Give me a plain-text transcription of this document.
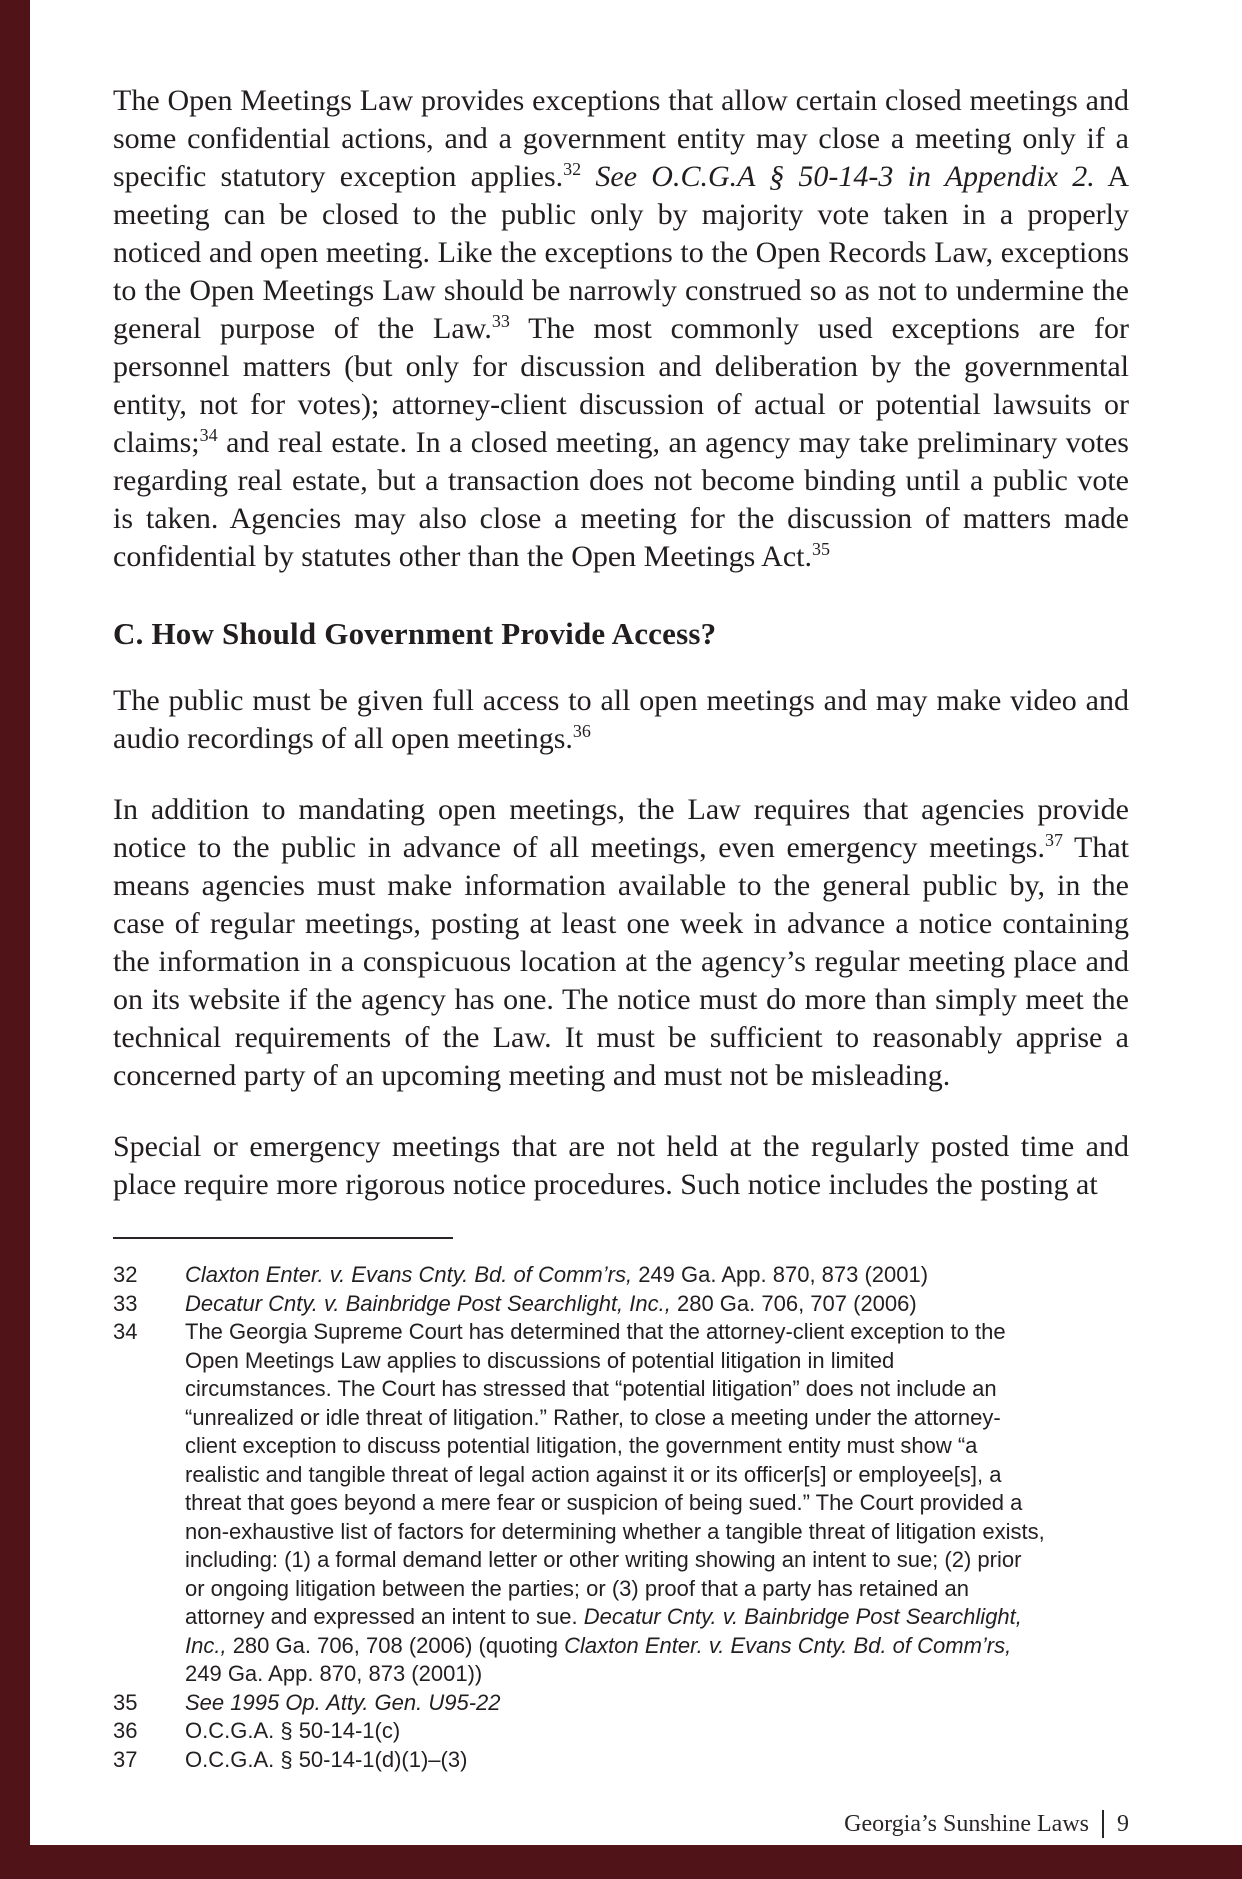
The Open Meetings Law provides exceptions that allow certain closed meetings and some confidential actions, and a government entity may close a meeting only if a specific statutory exception applies.$^{32}$ See O.C.G.A § 50-14-3 in Appendix 2. A meeting can be closed to the public only by majority vote taken in a properly noticed and open meeting. Like the exceptions to the Open Records Law, exceptions to the Open Meetings Law should be narrowly construed so as not to undermine the general purpose of the Law.$^{33}$ The most commonly used exceptions are for personnel matters (but only for discussion and deliberation by the governmental entity, not for votes); attorney-client discussion of actual or potential lawsuits or claims;$^{34}$ and real estate. In a closed meeting, an agency may take preliminary votes regarding real estate, but a transaction does not become binding until a public vote is taken. Agencies may also close a meeting for the discussion of matters made confidential by statutes other than the Open Meetings Act.$^{35}$

C. How Should Government Provide Access?

The public must be given full access to all open meetings and may make video and audio recordings of all open meetings.$^{36}$

In addition to mandating open meetings, the Law requires that agencies provide notice to the public in advance of all meetings, even emergency meetings.$^{37}$ That means agencies must make information available to the general public by, in the case of regular meetings, posting at least one week in advance a notice containing the information in a conspicuous location at the agency’s regular meeting place and on its website if the agency has one. The notice must do more than simply meet the technical requirements of the Law. It must be sufficient to reasonably apprise a concerned party of an upcoming meeting and must not be misleading.

Special or emergency meetings that are not held at the regularly posted time and place require more rigorous notice procedures. Such notice includes the posting at

32	Claxton Enter. v. Evans Cnty. Bd. of Comm’rs, 249 Ga. App. 870, 873 (2001)
33	Decatur Cnty. v. Bainbridge Post Searchlight, Inc., 280 Ga. 706, 707 (2006)
34	The Georgia Supreme Court has determined that the attorney-client exception to the Open Meetings Law applies to discussions of potential litigation in limited circumstances. The Court has stressed that “potential litigation” does not include an “unrealized or idle threat of litigation.” Rather, to close a meeting under the attorney-client exception to discuss potential litigation, the government entity must show “a realistic and tangible threat of legal action against it or its officer[s] or employee[s], a threat that goes beyond a mere fear or suspicion of being sued.” The Court provided a non-exhaustive list of factors for determining whether a tangible threat of litigation exists, including: (1) a formal demand letter or other writing showing an intent to sue; (2) prior or ongoing litigation between the parties; or (3) proof that a party has retained an attorney and expressed an intent to sue. Decatur Cnty. v. Bainbridge Post Searchlight, Inc., 280 Ga. 706, 708 (2006) (quoting Claxton Enter. v. Evans Cnty. Bd. of Comm’rs, 249 Ga. App. 870, 873 (2001))
35	See 1995 Op. Atty. Gen. U95-22
36	O.C.G.A. § 50-14-1(c)
37	O.C.G.A. § 50-14-1(d)(1)–(3)
Georgia’s Sunshine Laws 9
